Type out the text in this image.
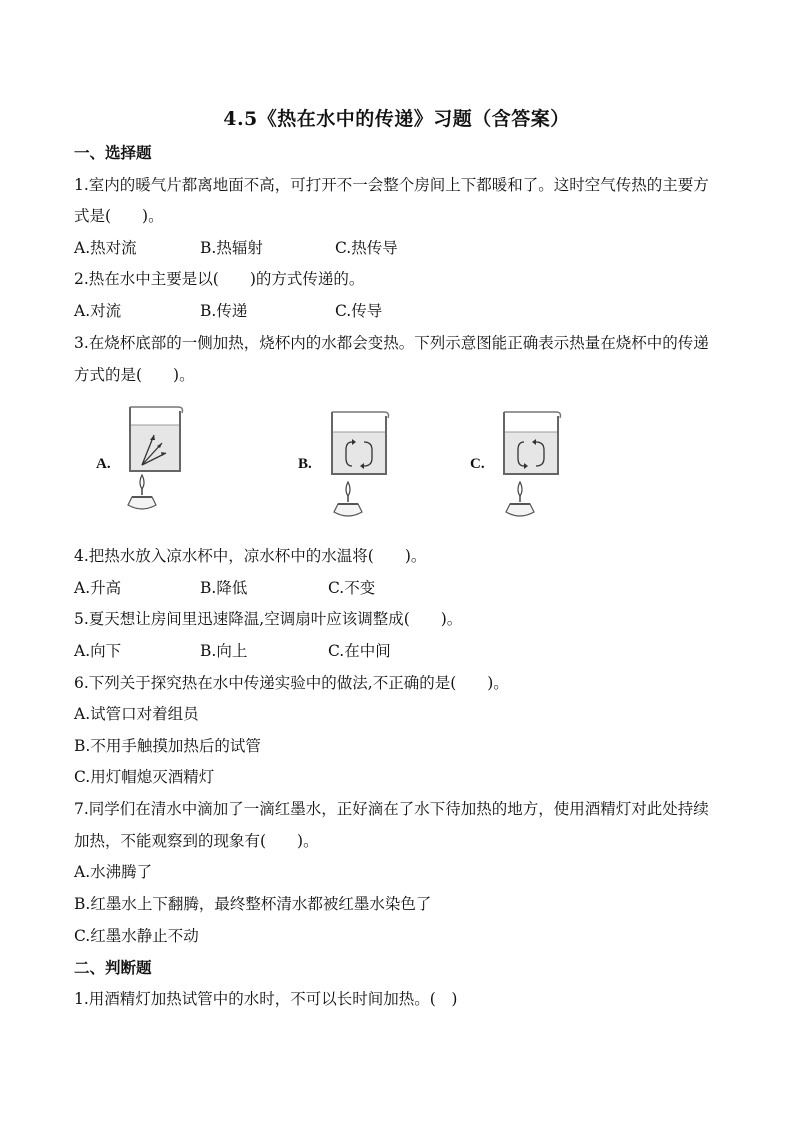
4.5《热在水中的传递》习题（含答案）
一、选择题
1.室内的暖气片都离地面不高，可打开不一会整个房间上下都暖和了。这时空气传热的主要方
式是(　　)。
A.热对流	B.热辐射	C.热传导
2.热在水中主要是以(　　)的方式传递的。
A.对流	B.传递	C.传导
3.在烧杯底部的一侧加热，烧杯内的水都会变热。下列示意图能正确表示热量在烧杯中的传递
方式的是(　　)。
A.	B.	C.
4.把热水放入凉水杯中，凉水杯中的水温将(　　)。
A.升高	B.降低	C.不变
5.夏天想让房间里迅速降温,空调扇叶应该调整成(　　)。
A.向下	B.向上	C.在中间
6.下列关于探究热在水中传递实验中的做法,不正确的是(　　)。
A.试管口对着组员
B.不用手触摸加热后的试管
C.用灯帽熄灭酒精灯
7.同学们在清水中滴加了一滴红墨水，正好滴在了水下待加热的地方，使用酒精灯对此处持续
加热，不能观察到的现象有(　　)。
A.水沸腾了
B.红墨水上下翻腾，最终整杯清水都被红墨水染色了
C.红墨水静止不动
二、判断题
1.用酒精灯加热试管中的水时，不可以长时间加热。(　)
